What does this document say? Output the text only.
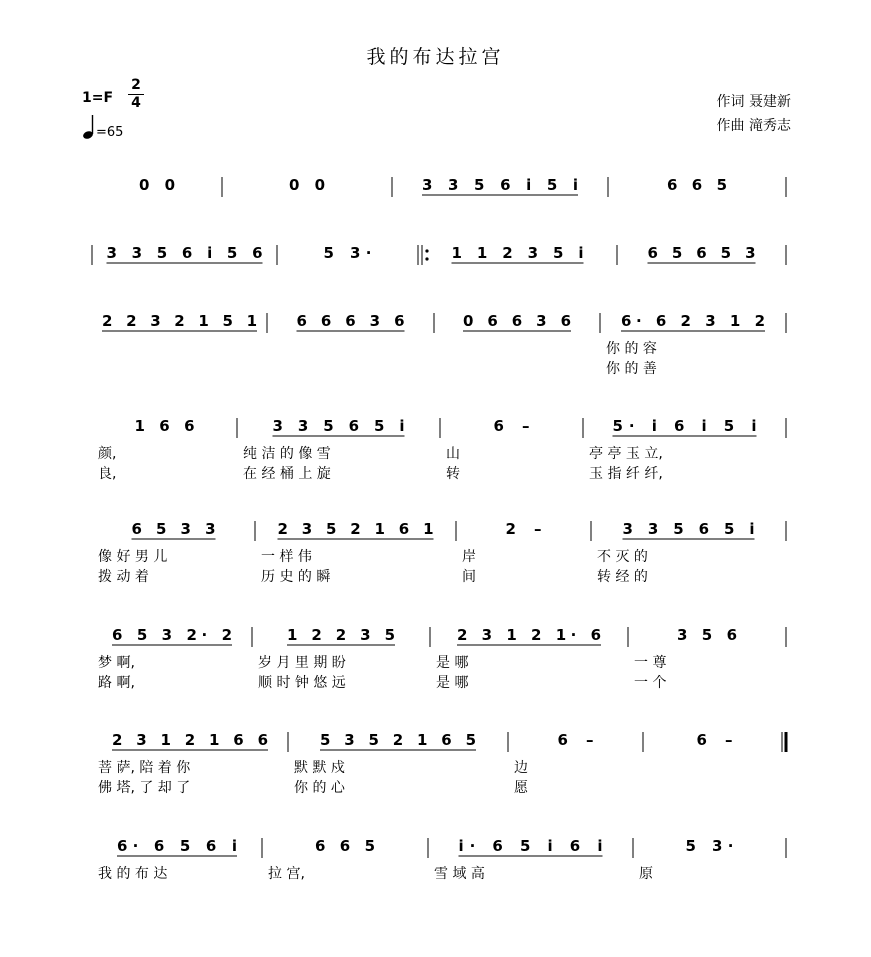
我的布达拉宫
1=F
2
4
=65
作词 聂建新
作曲 滝秀志
0 0	0 0	3 3 5 6 i 5 i	6 6 5
3 3 5 6 i 5 6	5 3·	1 1 2 3 5 i	6 5 6 5 3
2 2 3 2 1 5 1	6 6 6 3 6	0 6 6 3 6	6· 6 2 3 1 2
你 的 容
你 的 善
1 6 6	3 3 5 6 5 i	6 –	5· i 6 i 5 i
颜,	纯 洁 的 像 雪	山	亭 亭 玉 立,
良,	在 经 桶 上 旋	转	玉 指 纤 纤,
6 5 3 3	2 3 5 2 1 6 1	2 –	3 3 5 6 5 i
像 好 男 儿	一 样 伟	岸	不 灭 的
拨 动 着	历 史 的 瞬	间	转 经 的
6 5 3 2· 2	1 2 2 3 5	2 3 1 2 1· 6	3 5 6
梦 啊,	岁 月 里 期 盼	是 哪	一 尊
路 啊,	顺 时 钟 悠 远	是 哪	一 个
2 3 1 2 1 6 6	5 3 5 2 1 6 5	6 –	6 –
菩 萨, 陪 着 你	默 默 戍	边
佛 塔, 了 却 了	你 的 心	愿
6· 6 5 6 i	6 6 5	i· 6 5 i 6 i	5 3·
我 的 布 达	拉 宫,	雪 域 高	原
